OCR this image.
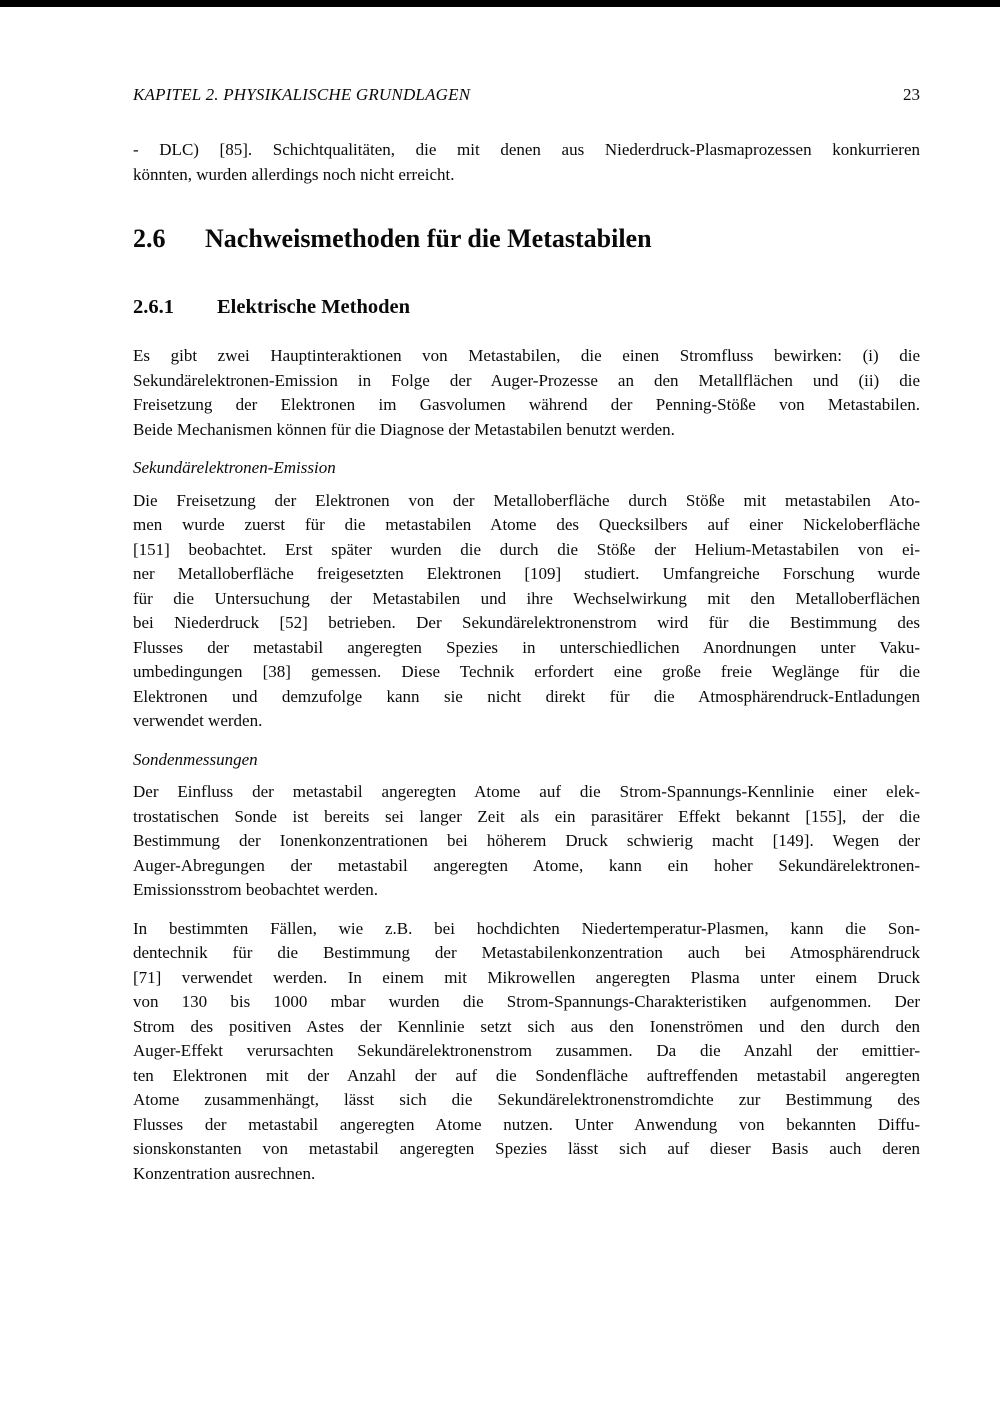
KAPITEL 2. PHYSIKALISCHE GRUNDLAGEN	23
- DLC) [85]. Schichtqualitäten, die mit denen aus Niederdruck-Plasmaprozessen konkurrieren
könnten, wurden allerdings noch nicht erreicht.
2.6 Nachweismethoden für die Metastabilen
2.6.1 Elektrische Methoden
Es gibt zwei Hauptinteraktionen von Metastabilen, die einen Stromfluss bewirken: (i) die
Sekundärelektronen-Emission in Folge der Auger-Prozesse an den Metallflächen und (ii) die
Freisetzung der Elektronen im Gasvolumen während der Penning-Stöße von Metastabilen.
Beide Mechanismen können für die Diagnose der Metastabilen benutzt werden.
Sekundärelektronen-Emission
Die Freisetzung der Elektronen von der Metalloberfläche durch Stöße mit metastabilen Ato-
men wurde zuerst für die metastabilen Atome des Quecksilbers auf einer Nickeloberfläche
[151] beobachtet. Erst später wurden die durch die Stöße der Helium-Metastabilen von ei-
ner Metalloberfläche freigesetzten Elektronen [109] studiert. Umfangreiche Forschung wurde
für die Untersuchung der Metastabilen und ihre Wechselwirkung mit den Metalloberflächen
bei Niederdruck [52] betrieben. Der Sekundärelektronenstrom wird für die Bestimmung des
Flusses der metastabil angeregten Spezies in unterschiedlichen Anordnungen unter Vaku-
umbedingungen [38] gemessen. Diese Technik erfordert eine große freie Weglänge für die
Elektronen und demzufolge kann sie nicht direkt für die Atmosphärendruck-Entladungen
verwendet werden.
Sondenmessungen
Der Einfluss der metastabil angeregten Atome auf die Strom-Spannungs-Kennlinie einer elek-
trostatischen Sonde ist bereits sei langer Zeit als ein parasitärer Effekt bekannt [155], der die
Bestimmung der Ionenkonzentrationen bei höherem Druck schwierig macht [149]. Wegen der
Auger-Abregungen der metastabil angeregten Atome, kann ein hoher Sekundärelektronen-
Emissionsstrom beobachtet werden.
In bestimmten Fällen, wie z.B. bei hochdichten Niedertemperatur-Plasmen, kann die Son-
dentechnik für die Bestimmung der Metastabilenkonzentration auch bei Atmosphärendruck
[71] verwendet werden. In einem mit Mikrowellen angeregten Plasma unter einem Druck
von 130 bis 1000 mbar wurden die Strom-Spannungs-Charakteristiken aufgenommen. Der
Strom des positiven Astes der Kennlinie setzt sich aus den Ionenströmen und den durch den
Auger-Effekt verursachten Sekundärelektronenstrom zusammen. Da die Anzahl der emittier-
ten Elektronen mit der Anzahl der auf die Sondenfläche auftreffenden metastabil angeregten
Atome zusammenhängt, lässt sich die Sekundärelektronenstromdichte zur Bestimmung des
Flusses der metastabil angeregten Atome nutzen. Unter Anwendung von bekannten Diffu-
sionskonstanten von metastabil angeregten Spezies lässt sich auf dieser Basis auch deren
Konzentration ausrechnen.
